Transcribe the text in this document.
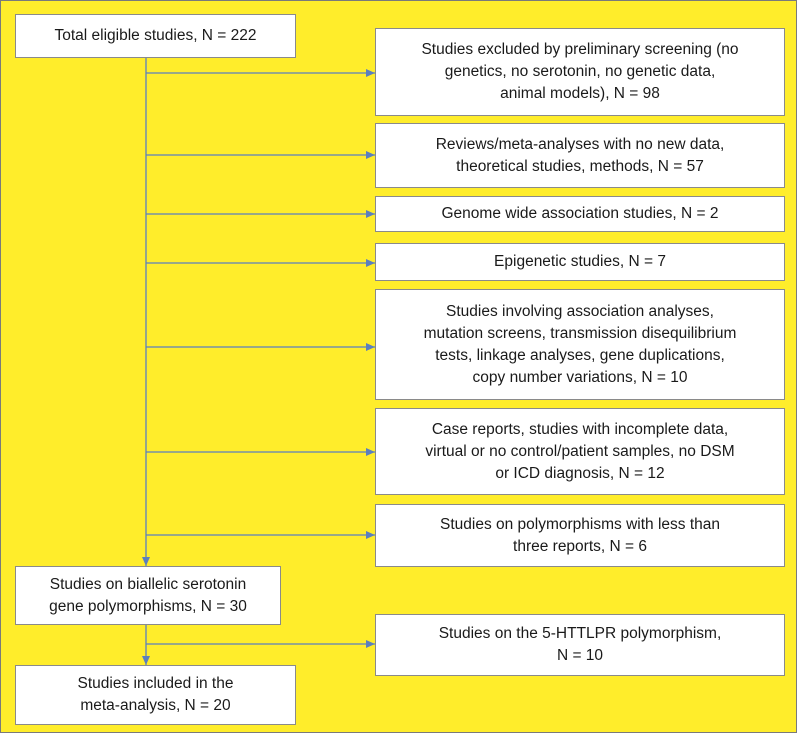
Total eligible studies, N = 222
Studies excluded by preliminary screening (no
genetics, no serotonin, no genetic data,
animal models), N = 98
Reviews/meta-analyses with no new data,
theoretical studies, methods, N = 57
Genome wide association studies, N = 2
Epigenetic studies, N = 7
Studies involving association analyses,
mutation screens, transmission disequilibrium
tests, linkage analyses, gene duplications,
copy number variations, N = 10
Case reports, studies with incomplete data,
virtual or no control/patient samples, no DSM
or ICD diagnosis, N = 12
Studies on polymorphisms with less than
three reports, N = 6
Studies on biallelic serotonin
gene polymorphisms, N = 30
Studies on the 5-HTTLPR polymorphism,
N = 10
Studies included in the
meta-analysis, N = 20
